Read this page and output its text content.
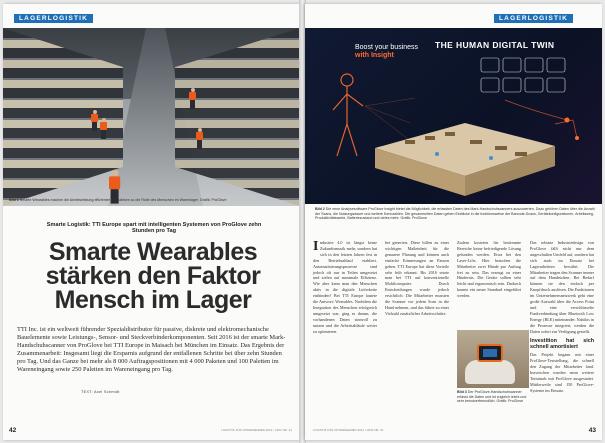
LAGERLOGISTIK
Bild 1 Smarte Wearables machen die Arbeitsleistung effizienter und stärken so die Rolle des Menschen im Warenlager. Grafik: ProGlove
Smarte Logistik: TTI Europe spart mit intelligenten Systemen von ProGlove zehn Stunden pro Tag
Smarte Wearables
stärken den Faktor
Mensch im Lager
TTI Inc. ist ein weltweit führender Spezialdistributor für passive, diskrete und elektromechanische Bauelemente sowie Leistungs-, Sensor- und Steckverbinderkomponenten. Seit 2016 ist der smarte Mark-Handschuhscanner von ProGlove bei TTI Europe in Maisach bei München im Einsatz. Das Ergebnis der Zusammenarbeit: Insgesamt liegt die Ersparnis aufgrund der entfallenen Schritte bei über zehn Stunden pro Tag. Und das Ganze bei mehr als 8 000 Auftragspositionen mit 4 000 Paketen und 100 Paletten im Wareneingang sowie 250 Paletten im Wareneingang pro Tag.
TEXT: Axel Schmidt
LOGISTIK FÜR UNTERNEHMEN 2021 / 2022 NR. 01
42
LAGERLOGISTIK
Boost your business
with Insight
THE HUMAN DIGITAL TWIN
Bild 2 Die neue Analysesoftware ProGlove Insight bietet die Möglichkeit, die erfassten Daten des Mark-Handschuhscanners auszuwerten. Dazu gehören Daten über die Anzahl der Scans, die Nutzungsdauer und weitere Kennzahlen. Die gesammelten Daten geben Einblicke in die funktionsweise der Barcode-Scans, Gerätekonfigurationen, Arbeitsweg, Produktivitätswerte, Batteriezustand und vieles mehr. Grafik: ProGlove
Industrie 4.0 ist längst keine Zukunftsmusik mehr, sondern hat sich in den letzten Jahren fest in den Betriebsablauf etabliert. Automatisierungsprozesse sind jedoch oft nur in Teilen umgesetzt und zielen auf maximale Effizienz. Wie aber kann man den Menschen aktiv in die digitale Lieferkette einbinden? Bei TTI Europe lautete die Antwort: Wearables. Nachdem die Integration des Menschen erfolgreich umgesetzt war, ging es darum, die vorhandenen Daten sinnvoll zu nutzen und die Arbeitsabläufe weiter zu optimieren.
bei generiert. Diese hilfen zu einer wichtigen Maßeinheit für die genauere Planung und können auch einfache Erinnerungen an Pausen geben. TTI Europe hat diese Vorteile sehr früh erkannt. Bis 2016 setzte man bei TTI auf konventionelle Mobilcomputer. Durch Entscheidungen wurde jedoch ersichtlich: Die Mitarbeiter mussten die Scanner vor jedem Scan in die Hand nehmen, und das führte zu einer Vielzahl zusätzlicher Arbeitsschritte.
Zudem kosteten für bestimmte Bereiche keine befriedigende Lösung gefunden werden. Etwa bei den Laser-Lifts. Hier brauchen die Mitarbeiter zwei Hände pro Auftrag frei zu sein. Das erzeugt zu einer Hindernis. Die Geräte sollten sehr leicht und ergonomisch sein. Dadurch konnte ein neuer Standard eingeführt werden.
Bild 3 Der ProGlove-Handschuhscanner erfasst die Daten und ist zugleich leicht und sehr benutzerfreundlich. Grafik: ProGlove
Das robuste Industriedesign von ProGlove fällt nicht nur dem ungeschulten Umfeld auf, sondern hat sich auch im Einsatz bei Lagerarbeitern bewährt. Die Mitarbeiter tragen den Scanner immer auf dem Handrücken. Bei Bedarf können sie den einfach per Knopfdruck auslösen. Die Funktionen im Unternehmensnetzwerk geht eine große Auswahl über die Access Point und eine verschlüsselte Funkverbindung über Bluetooth Low Energy (BLE) miteinander. Nahtlos in die Prozesse integriert, werden die Daten sofort zur Verfügung gestellt.
Investition hat sich schnell amortisiert
Das Projekt begann mit einer ProGlove-Teststellung, die schnell den Zugang der Mitarbeiter fand. Inzwischen wurden neun weitere Terminals mit ProGlove ausgestattet. Mittlerweile sind 150 ProGlove-Systeme im Einsatz.
LOGISTIK FÜR UNTERNEHMEN 2021 / 2022 NR. 01	43
